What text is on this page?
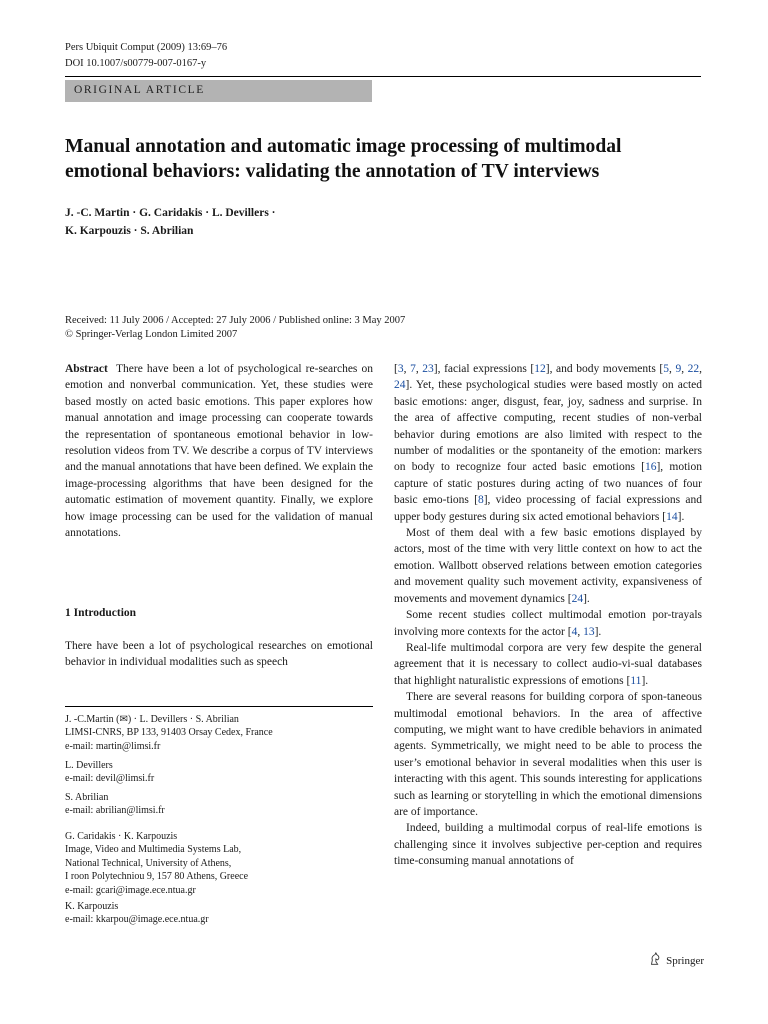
Pers Ubiquit Comput (2009) 13:69–76
DOI 10.1007/s00779-007-0167-y
ORIGINAL ARTICLE
Manual annotation and automatic image processing of multimodal
emotional behaviors: validating the annotation of TV interviews
J. -C. Martin · G. Caridakis · L. Devillers ·
K. Karpouzis · S. Abrilian
Received: 11 July 2006 / Accepted: 27 July 2006 / Published online: 3 May 2007
© Springer-Verlag London Limited 2007
Abstract There have been a lot of psychological re-searches on emotion and nonverbal communication. Yet, these studies were based mostly on acted basic emotions. This paper explores how manual annotation and image processing can cooperate towards the representation of spontaneous emotional behavior in low-resolution videos from TV. We describe a corpus of TV interviews and the manual annotations that have been defined. We explain the image-processing algorithms that have been designed for the automatic estimation of movement quantity. Finally, we explore how image processing can be used for the validation of manual annotations.
1 Introduction
There have been a lot of psychological researches on emotional behavior in individual modalities such as speech
J. -C.Martin (✉) · L. Devillers · S. Abrilian
LIMSI-CNRS, BP 133, 91403 Orsay Cedex, France
e-mail: martin@limsi.fr
L. Devillers
e-mail: devil@limsi.fr
S. Abrilian
e-mail: abrilian@limsi.fr
G. Caridakis · K. Karpouzis
Image, Video and Multimedia Systems Lab,
National Technical, University of Athens,
I roon Polytechniou 9, 157 80 Athens, Greece
e-mail: gcari@image.ece.ntua.gr
K. Karpouzis
e-mail: kkarpou@image.ece.ntua.gr
[3, 7, 23], facial expressions [12], and body movements [5, 9, 22, 24]. Yet, these psychological studies were based mostly on acted basic emotions: anger, disgust, fear, joy, sadness and surprise. In the area of affective computing, recent studies of non-verbal behavior during emotions are also limited with respect to the number of modalities or the spontaneity of the emotion: markers on body to recognize four acted basic emotions [16], motion capture of static postures during acting of two nuances of four basic emo-tions [8], video processing of facial expressions and upper body gestures during six acted emotional behaviors [14].
Most of them deal with a few basic emotions displayed by actors, most of the time with very little context on how to act the emotion. Wallbott observed relations between emotion categories and movement quality such movement activity, expansiveness of movements and movement dynamics [24].
Some recent studies collect multimodal emotion por-trayals involving more contexts for the actor [4, 13].
Real-life multimodal corpora are very few despite the general agreement that it is necessary to collect audio-vi-sual databases that highlight naturalistic expressions of emotions [11].
There are several reasons for building corpora of spon-taneous multimodal emotional behaviors. In the area of affective computing, we might want to have credible behaviors in animated agents. Symmetrically, we might need to be able to process the user’s emotional behavior in several modalities when this user is interacting with this agent. This sounds interesting for applications such as learning or storytelling in which the emotional dimensions are of importance.
Indeed, building a multimodal corpus of real-life emotions is challenging since it involves subjective per-ception and requires time-consuming manual annotations of
Springer
